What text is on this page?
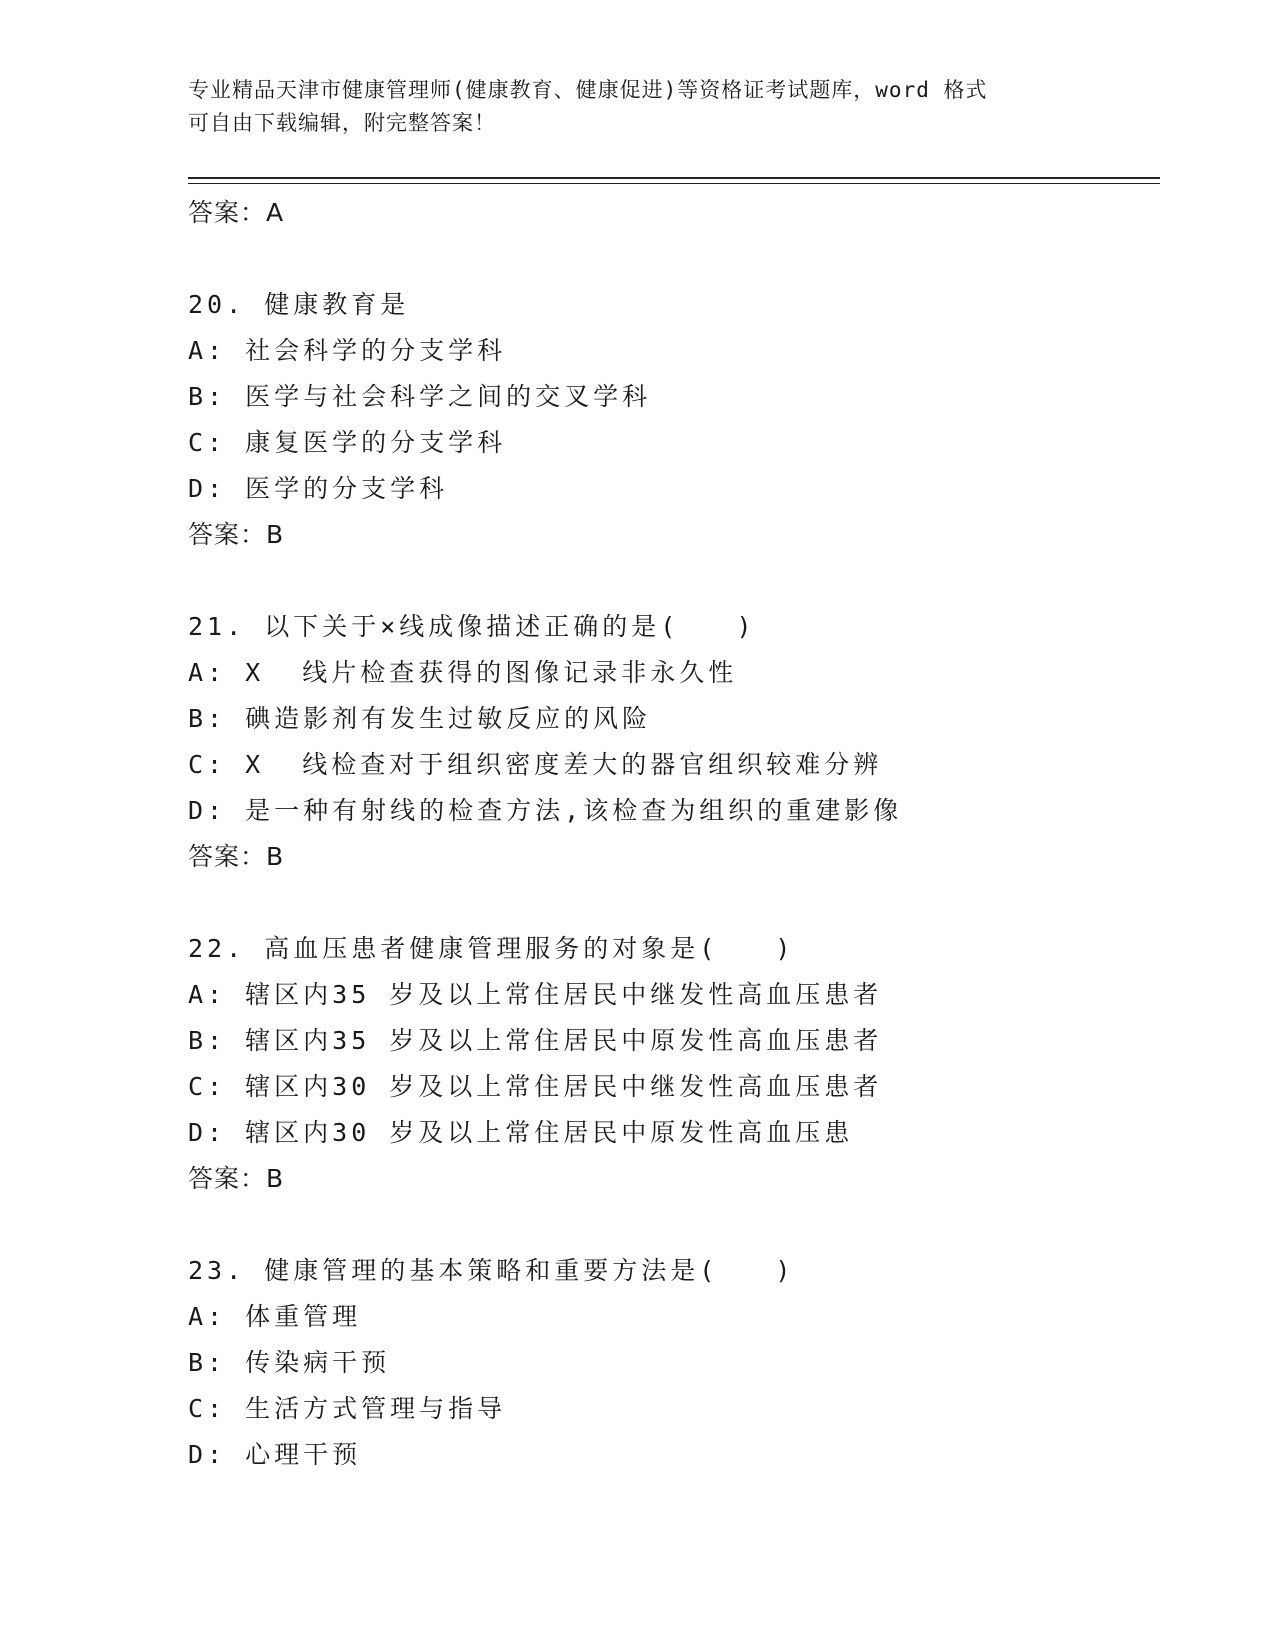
专业精品天津市健康管理师(健康教育、健康促进)等资格证考试题库，word 格式
可自由下载编辑，附完整答案！
答案：A
20. 健康教育是
A: 社会科学的分支学科
B: 医学与社会科学之间的交叉学科
C: 康复医学的分支学科
D: 医学的分支学科
答案：B
21. 以下关于×线成像描述正确的是(   )
A: X  线片检查获得的图像记录非永久性
B: 碘造影剂有发生过敏反应的风险
C: X  线检查对于组织密度差大的器官组织较难分辨
D: 是一种有射线的检查方法,该检查为组织的重建影像
答案：B
22. 高血压患者健康管理服务的对象是(   )
A: 辖区内35 岁及以上常住居民中继发性高血压患者
B: 辖区内35 岁及以上常住居民中原发性高血压患者
C: 辖区内30 岁及以上常住居民中继发性高血压患者
D: 辖区内30 岁及以上常住居民中原发性高血压患
答案：B
23. 健康管理的基本策略和重要方法是(   )
A: 体重管理
B: 传染病干预
C: 生活方式管理与指导
D: 心理干预
